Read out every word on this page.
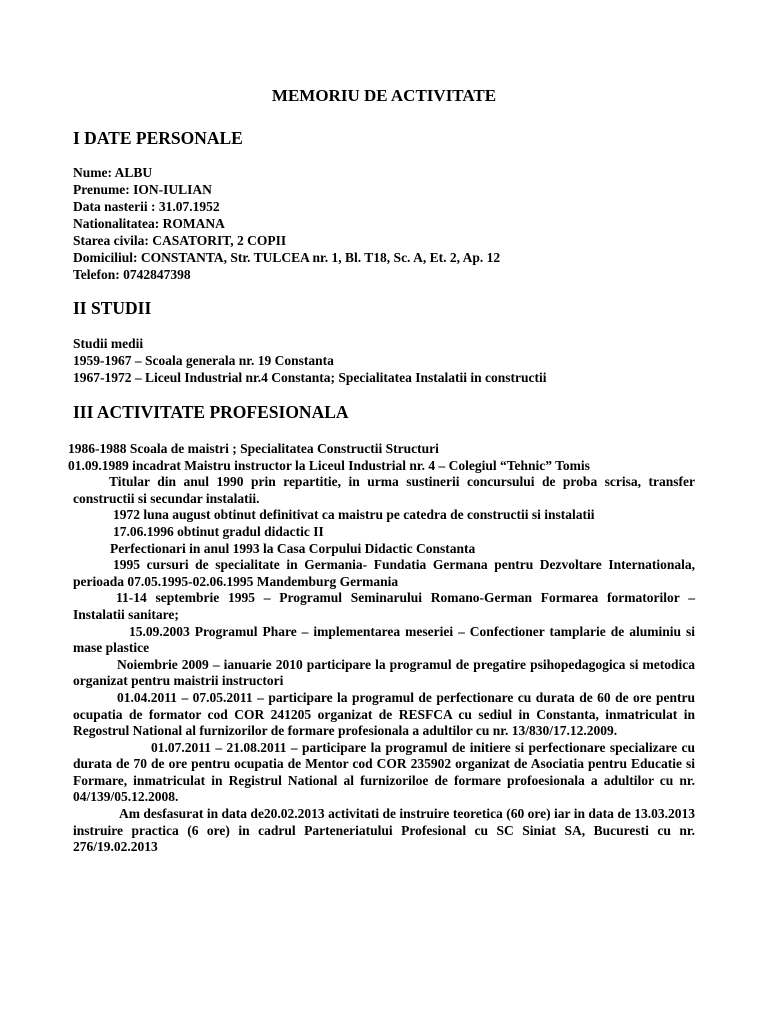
MEMORIU DE ACTIVITATE
I DATE PERSONALE
Nume: ALBU
Prenume: ION-IULIAN
Data nasterii : 31.07.1952
Nationalitatea: ROMANA
Starea civila: CASATORIT, 2 COPII
Domiciliul: CONSTANTA, Str. TULCEA nr. 1, Bl. T18, Sc. A, Et. 2, Ap. 12
Telefon: 0742847398
II STUDII
Studii medii
1959-1967 – Scoala generala nr. 19 Constanta
1967-1972 – Liceul Industrial nr.4 Constanta; Specialitatea Instalatii in constructii
III ACTIVITATE PROFESIONALA

1986-1988 Scoala de maistri ; Specialitatea Constructii Structuri

01.09.1989 incadrat Maistru instructor la Liceul Industrial nr. 4 – Colegiul “Tehnic” Tomis

Titular din anul 1990 prin repartitie, in urma sustinerii concursului de proba scrisa, transfer constructii si secundar instalatii.

1972 luna august obtinut definitivat ca maistru pe catedra de constructii si instalatii

17.06.1996 obtinut gradul didactic II

Perfectionari in anul 1993 la Casa Corpului Didactic Constanta

1995 cursuri de specialitate in Germania- Fundatia Germana pentru Dezvoltare Internationala, perioada 07.05.1995-02.06.1995 Mandemburg Germania

11-14 septembrie 1995 – Programul Seminarului Romano-German Formarea formatorilor – Instalatii sanitare;

15.09.2003 Programul Phare – implementarea meseriei – Confectioner tamplarie de aluminiu si mase plastice

Noiembrie 2009 – ianuarie 2010 participare la programul de pregatire psihopedagogica si metodica organizat pentru maistrii instructori

01.04.2011 – 07.05.2011 – participare la programul de perfectionare cu durata de 60 de ore pentru ocupatia de formator cod COR 241205 organizat de RESFCA cu sediul in Constanta, inmatriculat in Regostrul National al furnizorilor de formare profesionala a adultilor cu nr. 13/830/17.12.2009.

01.07.2011 – 21.08.2011 – participare la programul de initiere si perfectionare specializare cu durata de 70 de ore pentru ocupatia de Mentor cod COR 235902 organizat de Asociatia pentru Educatie si Formare, inmatriculat in Registrul National al furnizoriloe de formare profoesionala a adultilor cu nr. 04/139/05.12.2008.

Am desfasurat in data de20.02.2013 activitati de instruire teoretica (60 ore) iar in data de 13.03.2013 instruire practica (6 ore) in cadrul Parteneriatului Profesional cu SC Siniat SA, Bucuresti cu nr. 276/19.02.2013
